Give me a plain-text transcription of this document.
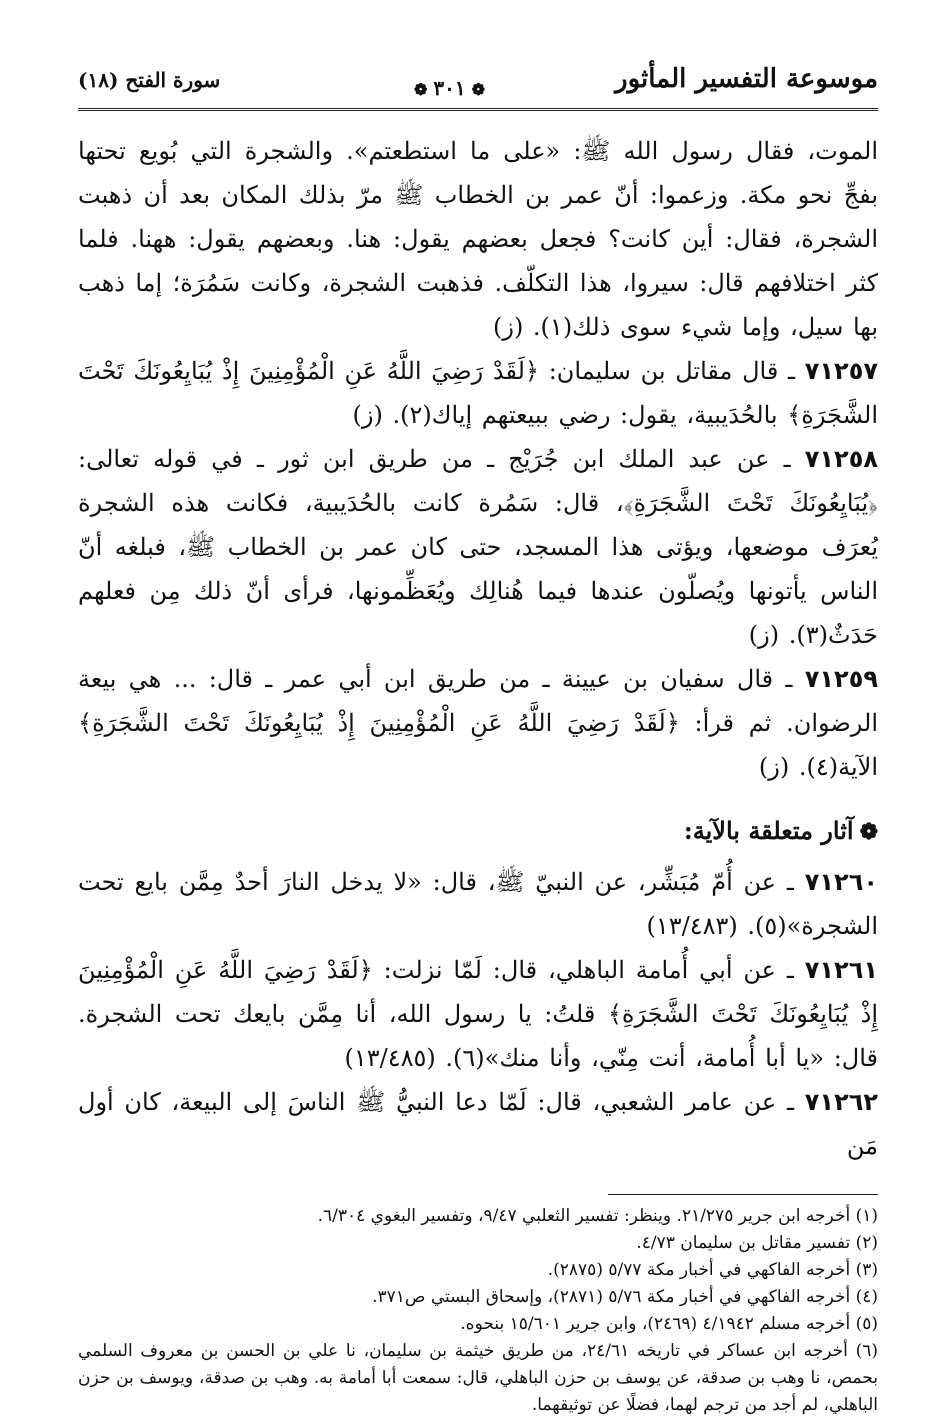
موسوعة التفسير المأثور
❁٣٠١❁
سورة الفتح (١٨)

الموت، فقال رسول الله ﷺ: «على ما استطعتم». والشجرة التي بُويع تحتها بفجِّ نحو مكة. وزعموا: أنّ عمر بن الخطاب ﷺ مرّ بذلك المكان بعد أن ذهبت الشجرة، فقال: أين كانت؟ فجعل بعضهم يقول: هنا. وبعضهم يقول: ههنا. فلما كثر اختلافهم قال: سيروا، هذا التكلّف. فذهبت الشجرة، وكانت سَمُرَة؛ إما ذهب بها سيل، وإما شيء سوى ذلك(١). (ز)

٧١٢٥٧ ـ قال مقاتل بن سليمان: ﴿لَقَدْ رَضِيَ اللَّهُ عَنِ الْمُؤْمِنِينَ إِذْ يُبَايِعُونَكَ تَحْتَ الشَّجَرَةِ﴾ بالحُدَيبية، يقول: رضي ببيعتهم إياك(٢). (ز)

٧١٢٥٨ ـ عن عبد الملك ابن جُرَيْج ـ من طريق ابن ثور ـ في قوله تعالى: ﴿يُبَايِعُونَكَ تَحْتَ الشَّجَرَةِ﴾، قال: سَمُرة كانت بالحُدَيبية، فكانت هذه الشجرة يُعرَف موضعها، ويؤتى هذا المسجد، حتى كان عمر بن الخطاب ﷺ، فبلغه أنّ الناس يأتونها ويُصلّون عندها فيما هُنالِك ويُعَظِّمونها، فرأى أنّ ذلك مِن فعلهم حَدَثٌ(٣). (ز)

٧١٢٥٩ ـ قال سفيان بن عيينة ـ من طريق ابن أبي عمر ـ قال: ... هي بيعة الرضوان. ثم قرأ: ﴿لَقَدْ رَضِيَ اللَّهُ عَنِ الْمُؤْمِنِينَ إِذْ يُبَايِعُونَكَ تَحْتَ الشَّجَرَةِ﴾ الآية(٤). (ز)

❁آثار متعلقة بالآية:

٧١٢٦٠ ـ عن أُمّ مُبَشِّر، عن النبيّ ﷺ، قال: «لا يدخل النارَ أحدٌ مِمَّن بايع تحت الشجرة»(٥). (١٣/٤٨٣)

٧١٢٦١ ـ عن أبي أُمامة الباهلي، قال: لَمّا نزلت: ﴿لَقَدْ رَضِيَ اللَّهُ عَنِ الْمُؤْمِنِينَ إِذْ يُبَايِعُونَكَ تَحْتَ الشَّجَرَةِ﴾ قلتُ: يا رسول الله، أنا مِمَّن بايعك تحت الشجرة. قال: «يا أبا أُمامة، أنت مِنّي، وأنا منك»(٦). (١٣/٤٨٥)

٧١٢٦٢ ـ عن عامر الشعبي، قال: لَمّا دعا النبيُّ ﷺ الناسَ إلى البيعة، كان أول مَن

(١) أخرجه ابن جرير ٢١/٢٧٥. وينظر: تفسير الثعلبي ٩/٤٧، وتفسير البغوي ٦/٣٠٤.
(٢) تفسير مقاتل بن سليمان ٤/٧٣.
(٣) أخرجه الفاكهي في أخبار مكة ٥/٧٧ (٢٨٧٥).
(٤) أخرجه الفاكهي في أخبار مكة ٥/٧٦ (٢٨٧١)، وإسحاق البستي ص٣٧١.
(٥) أخرجه مسلم ٤/١٩٤٢ (٢٤٦٩)، وابن جرير ١٥/٦٠١ بنحوه.
(٦) أخرجه ابن عساكر في تاريخه ٢٤/٦١، من طريق خيثمة بن سليمان، نا علي بن الحسن بن معروف السلمي بحمص، نا وهب بن صدقة، عن يوسف بن حزن الباهلي، قال: سمعت أبا أمامة به. وهب بن صدقة، ويوسف بن حزن الباهلي، لم أجد من ترجم لهما، فضلًا عن توثيقهما.
